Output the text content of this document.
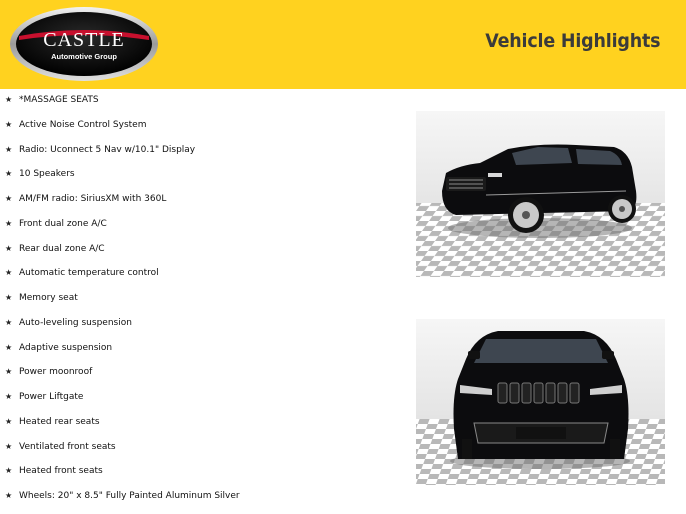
CASTLE
Automotive Group
Vehicle Highlights
★ *MASSAGE SEATS
★ Active Noise Control System
★ Radio: Uconnect 5 Nav w/10.1" Display
★ 10 Speakers
★ AM/FM radio: SiriusXM with 360L
★ Front dual zone A/C
★ Rear dual zone A/C
★ Automatic temperature control
★ Memory seat
★ Auto-leveling suspension
★ Adaptive suspension
★ Power moonroof
★ Power Liftgate
★ Heated rear seats
★ Ventilated front seats
★ Heated front seats
★ Wheels: 20" x 8.5" Fully Painted Aluminum Silver
